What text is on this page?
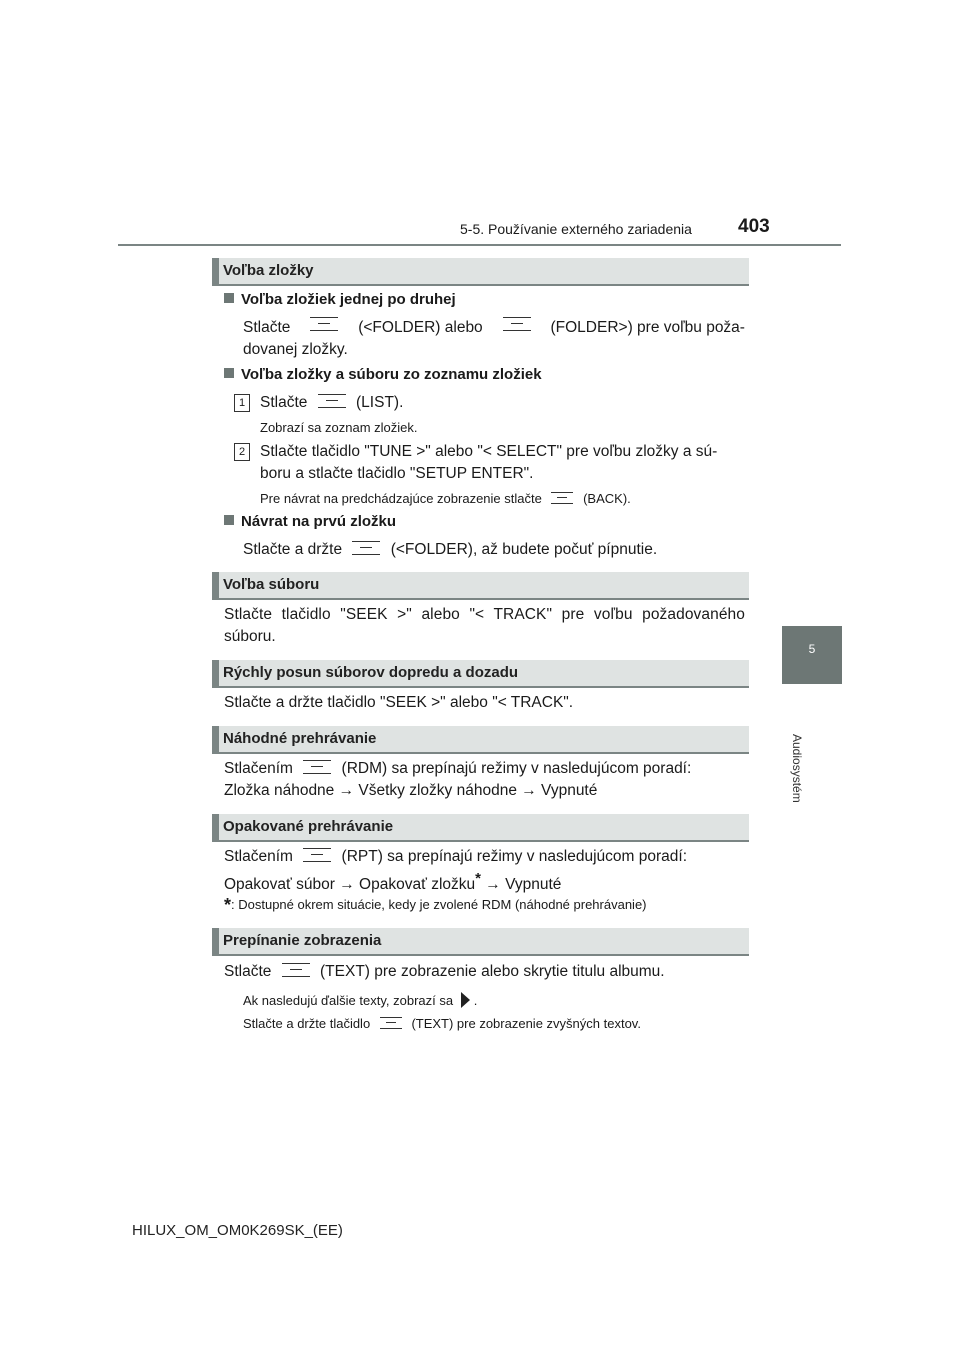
5-5. Používanie externého zariadenia 403
5
Audiosystém
Voľba zložky
Voľba zložiek jednej po druhej
Stlačte	(<FOLDER) alebo	(FOLDER>) pre voľbu poža-
dovanej zložky.
Voľba zložky a súboru zo zoznamu zložiek
1 Stlačte	(LIST).
Zobrazí sa zoznam zložiek.
2 Stlačte tlačidlo "TUNE >" alebo "< SELECT" pre voľbu zložky a sú-
boru a stlačte tlačidlo "SETUP ENTER".
Pre návrat na predchádzajúce zobrazenie stlačte	(BACK).
Návrat na prvú zložku
Stlačte a držte	(<FOLDER), až budete počuť pípnutie.
Voľba súboru
Stlačte tlačidlo "SEEK >" alebo "< TRACK" pre voľbu požadovaného
súboru.
Rýchly posun súborov dopredu a dozadu
Stlačte a držte tlačidlo "SEEK >" alebo "< TRACK".
Náhodné prehrávanie
Stlačením	(RDM) sa prepínajú režimy v nasledujúcom poradí:
Zložka náhodne → Všetky zložky náhodne → Vypnuté
Opakované prehrávanie
Stlačením	(RPT) sa prepínajú režimy v nasledujúcom poradí:
Opakovať súbor → Opakovať zložku* → Vypnuté
*: Dostupné okrem situácie, kedy je zvolené RDM (náhodné prehrávanie)
Prepínanie zobrazenia
Stlačte	(TEXT) pre zobrazenie alebo skrytie titulu albumu.
Ak nasledujú ďalšie texty, zobrazí sa .
Stlačte a držte tlačidlo	(TEXT) pre zobrazenie zvyšných textov.
HILUX_OM_OM0K269SK_(EE)
